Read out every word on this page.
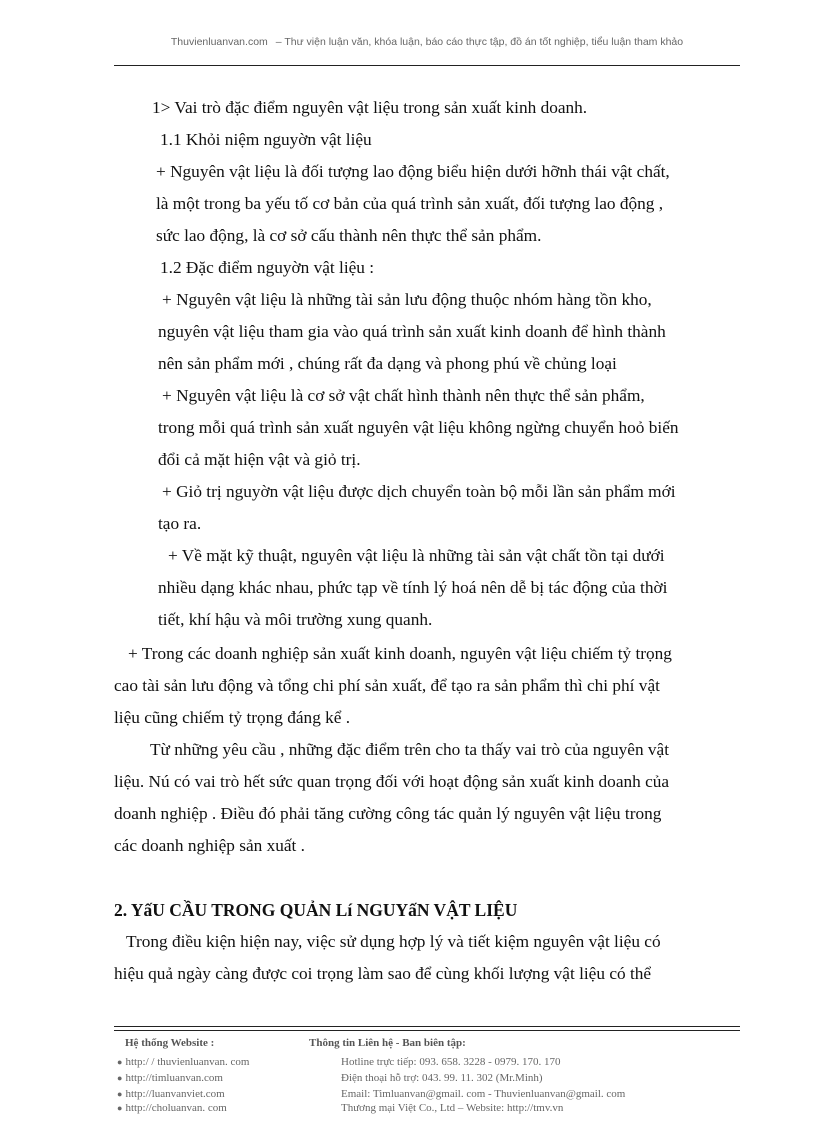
Thuvienluanvan.com – Thư viện luận văn, khóa luận, báo cáo thực tập, đồ án tốt nghiệp, tiểu luận tham khảo
1> Vai trò đặc điểm nguyên vật liệu trong sản xuất kinh doanh.
1.1 Khỏi niệm nguyờn vật liệu
+ Nguyên vật liệu là đối tượng lao động biểu hiện dưới hỡnh thái vật chất,
là một trong ba yếu tố cơ bản của quá trình sản xuất, đối tượng lao động ,
sức lao động, là cơ sở cấu thành nên thực thể sản phẩm.
1.2 Đặc điểm nguyờn vật liệu :
+ Nguyên vật liệu là những tài sản lưu động thuộc nhóm hàng tồn kho,
nguyên vật liệu tham gia vào quá trình sản xuất kinh doanh để hình thành
nên sản phẩm mới , chúng rất đa dạng và phong phú về chủng loại
+ Nguyên vật liệu là cơ sở vật chất hình thành nên thực thể sản phẩm,
trong mỗi quá trình sản xuất nguyên vật liệu không ngừng chuyển hoỏ biến
đổi cả mặt hiện vật và giỏ trị.
+ Giỏ trị nguyờn vật liệu được dịch chuyển toàn bộ mỗi lần sản phẩm mới
tạo ra.
+ Về mặt kỹ thuật, nguyên vật liệu là những tài sản vật chất tồn tại dưới
nhiều dạng khác nhau, phức tạp về tính lý hoá nên dễ bị tác động của thời
tiết, khí hậu và môi trường xung quanh.
+ Trong các doanh nghiệp sản xuất kinh doanh, nguyên vật liệu chiếm tỷ trọng
cao tài sản lưu động và tổng chi phí sản xuất, để tạo ra sản phẩm thì chi phí vật
liệu cũng chiếm tỷ trọng đáng kể .
Từ những yêu cầu , những đặc điểm trên cho ta thấy vai trò của nguyên vật
liệu. Nú có vai trò hết sức quan trọng đối với hoạt động sản xuất kinh doanh của
doanh nghiệp . Điều đó phải tăng cường công tác quản lý nguyên vật liệu trong
các doanh nghiệp sản xuất .
2. YấU CẦU TRONG QUẢN Lí NGUYấN VẬT LIỆU
Trong điều kiện hiện nay, việc sử dụng hợp lý và tiết kiệm nguyên vật liệu có
hiệu quả ngày càng được coi trọng làm sao để cùng khối lượng vật liệu có thể
Hệ thống Website :	Thông tin Liên hệ - Ban biên tập:
● http:/ / thuvienluanvan. com
● http://timluanvan.com
● http://luanvanviet.com
● http://choluanvan. com
Hotline trực tiếp: 093. 658. 3228 - 0979. 170. 170
Điện thoại hỗ trợ: 043. 99. 11. 302 (Mr.Minh)
Email: Timluanvan@gmail. com - Thuvienluanvan@gmail. com
Thương mại Việt Co., Ltd – Website: http://tmv.vn
